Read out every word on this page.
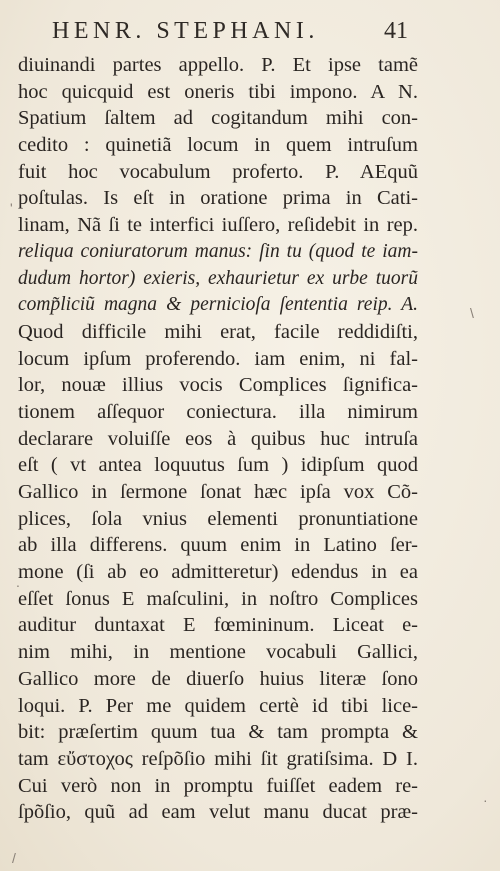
HENR. STEPHANI.	41
diuinandi partes appello. P. Et ipse tamẽ
hoc quicquid est oneris tibi impono. A N.
Spatium ſaltem ad cogitandum mihi con-
cedito : quinetiã locum in quem intruſum
fuit hoc vocabulum proferto. P. AEquũ
poſtulas. Is eſt in oratione prima in Cati-
linam, Nã ſi te interfici iuſſero, reſidebit in rep.
reliqua coniuratorum manus: ſin tu (quod te iam-
dudum hortor) exieris, exhaurietur ex urbe tuorũ
comp̃liciũ magna & pernicioſa ſententia reip. A.
Quod difficile mihi erat, facile reddidiſti,
locum ipſum proferendo. iam enim, ni fal-
lor, nouæ illius vocis Complices ſignifica-
tionem aſſequor coniectura. illa nimirum
declarare voluiſſe eos à quibus huc intruſa
eſt ( vt antea loquutus ſum ) idipſum quod
Gallico in ſermone ſonat hæc ipſa vox Cõ-
plices, ſola vnius elementi pronuntiatione
ab illa differens. quum enim in Latino ſer-
mone (ſi ab eo admitteretur) edendus in ea
eſſet ſonus E maſculini, in noſtro Complices
auditur duntaxat E fœmininum. Liceat e-
nim mihi, in mentione vocabuli Gallici,
Gallico more de diuerſo huius literæ ſono
loqui. P. Per me quidem certè id tibi lice-
bit: præſertim quum tua & tam prompta &
tam εὔστοχος reſpõſio mihi ſit gratiſsima. D I.
Cui verò non in promptu fuiſſet eadem re-
ſpõſio, quũ ad eam velut manu ducat præ-
'
\
.
·
/
